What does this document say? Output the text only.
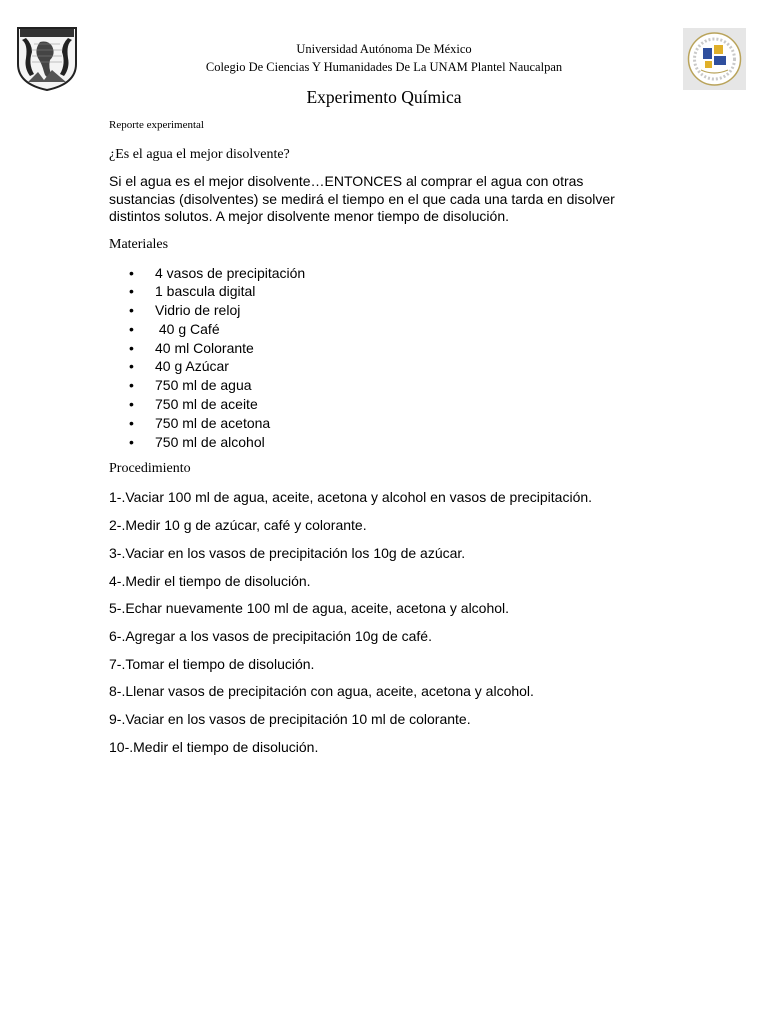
Universidad Autónoma De México
Colegio De Ciencias Y Humanidades De La UNAM Plantel Naucalpan
Experimento Química

Reporte experimental

¿Es el agua el mejor disolvente?

Si el agua es el mejor disolvente…ENTONCES al comprar el agua con otras sustancias (disolventes) se medirá el tiempo en el que cada una tarda en disolver distintos solutos. A mejor disolvente menor tiempo de disolución.

Materiales

• 4 vasos de precipitación
• 1 bascula digital
• Vidrio de reloj
• 40 g Café
• 40 ml Colorante
• 40 g Azúcar
• 750 ml de agua
• 750 ml de aceite
• 750 ml de acetona
• 750 ml de alcohol

Procedimiento

1-.Vaciar 100 ml de agua, aceite, acetona y alcohol en vasos de precipitación.

2-.Medir 10 g de azúcar, café y colorante.

3-.Vaciar en los vasos de precipitación los 10g de azúcar.

4-.Medir el tiempo de disolución.

5-.Echar nuevamente 100 ml de agua, aceite, acetona y alcohol.

6-.Agregar a los vasos de precipitación 10g de café.

7-.Tomar el tiempo de disolución.

8-.Llenar vasos de precipitación con agua, aceite, acetona y alcohol.

9-.Vaciar en los vasos de precipitación 10 ml de colorante.

10-.Medir el tiempo de disolución.
